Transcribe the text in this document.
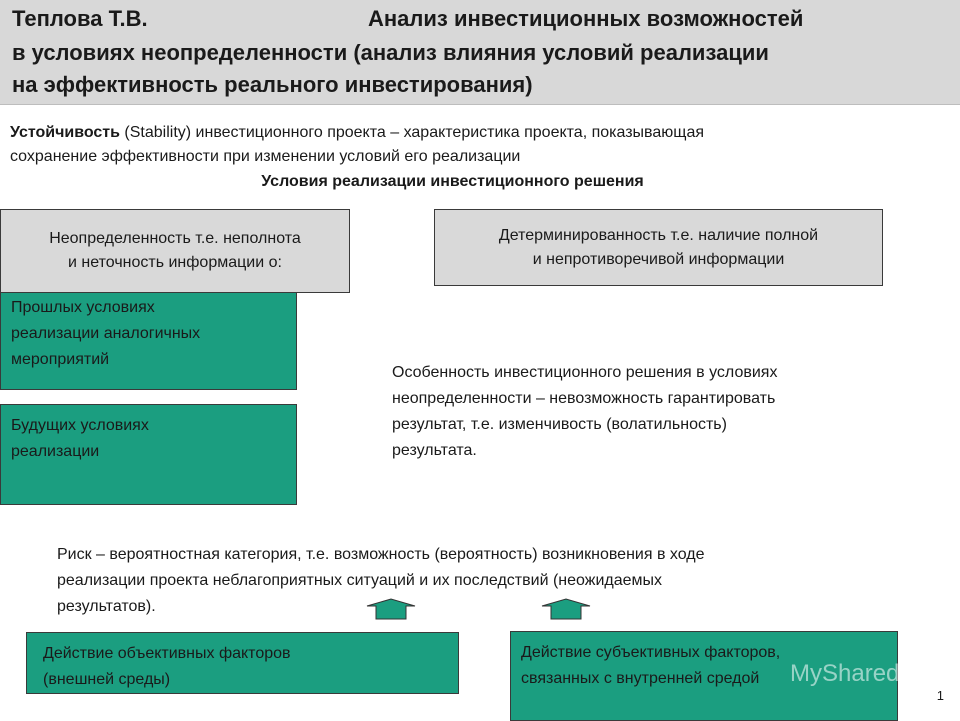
Теплова Т.В.	Анализ инвестиционных возможностей
в условиях неопределенности (анализ влияния условий реализации
на эффективность реального инвестирования)
Устойчивость (Stability) инвестиционного проекта – характеристика проекта, показывающая
сохранение эффективности при изменении условий его реализации
Условия реализации инвестиционного решения
Неопределенность т.е. неполнота
и неточность информации о:
Детерминированность т.е. наличие полной
и непротиворечивой информации
Прошлых условиях
реализации аналогичных
мероприятий
Будущих условиях
реализации
Особенность инвестиционного решения в условиях
неопределенности – невозможность гарантировать
результат, т.е. изменчивость (волатильность)
результата.
Риск – вероятностная категория, т.е. возможность (вероятность) возникновения в ходе
реализации проекта неблагоприятных ситуаций и их последствий (неожидаемых
результатов).
Действие объективных факторов
(внешней среды)
Действие субъективных факторов,
связанных с внутренней средой	MyShared
1
